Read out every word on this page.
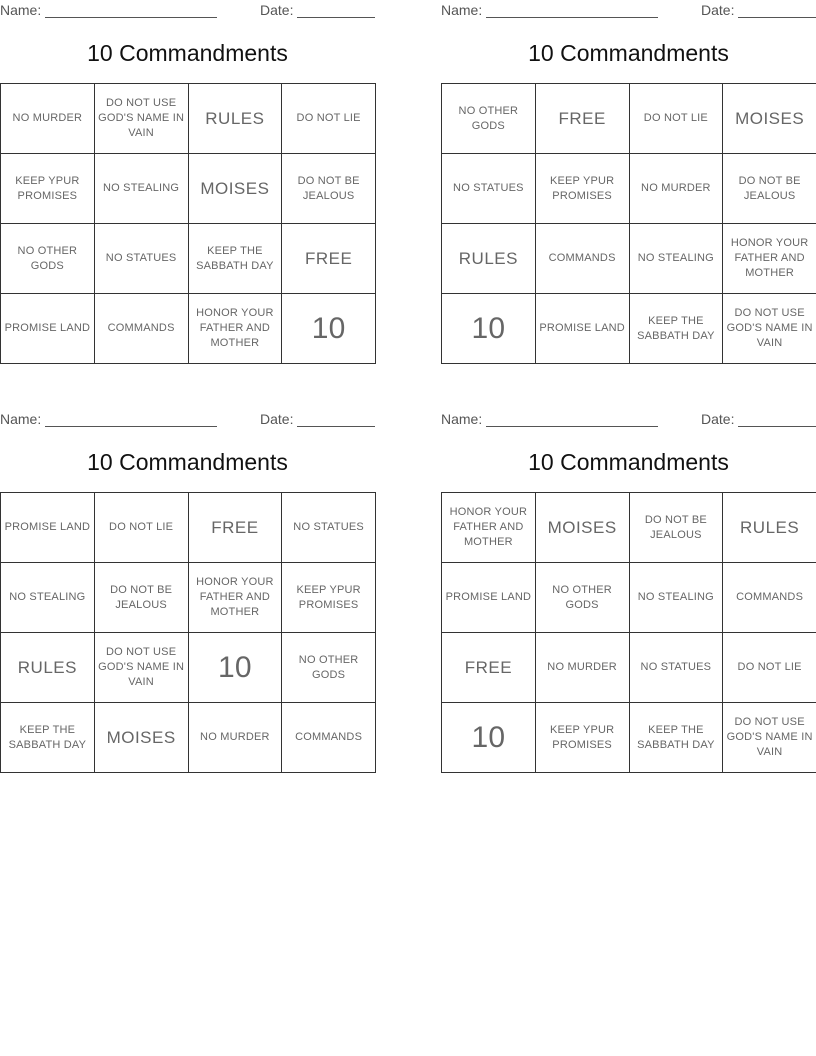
Name:	Date:
10 Commandments
NO MURDER	DO NOT USE GOD'S NAME IN VAIN	RULES	DO NOT LIE
KEEP YPUR PROMISES	NO STEALING	MOISES	DO NOT BE JEALOUS
NO OTHER GODS	NO STATUES	KEEP THE SABBATH DAY	FREE
PROMISE LAND	COMMANDS	HONOR YOUR FATHER AND MOTHER	10
Name:	Date:
10 Commandments
NO OTHER GODS	FREE	DO NOT LIE	MOISES
NO STATUES	KEEP YPUR PROMISES	NO MURDER	DO NOT BE JEALOUS
RULES	COMMANDS	NO STEALING	HONOR YOUR FATHER AND MOTHER
10	PROMISE LAND	KEEP THE SABBATH DAY	DO NOT USE GOD'S NAME IN VAIN
Name:	Date:
10 Commandments
PROMISE LAND	DO NOT LIE	FREE	NO STATUES
NO STEALING	DO NOT BE JEALOUS	HONOR YOUR FATHER AND MOTHER	KEEP YPUR PROMISES
RULES	DO NOT USE GOD'S NAME IN VAIN	10	NO OTHER GODS
KEEP THE SABBATH DAY	MOISES	NO MURDER	COMMANDS
Name:	Date:
10 Commandments
HONOR YOUR FATHER AND MOTHER	MOISES	DO NOT BE JEALOUS	RULES
PROMISE LAND	NO OTHER GODS	NO STEALING	COMMANDS
FREE	NO MURDER	NO STATUES	DO NOT LIE
10	KEEP YPUR PROMISES	KEEP THE SABBATH DAY	DO NOT USE GOD'S NAME IN VAIN
